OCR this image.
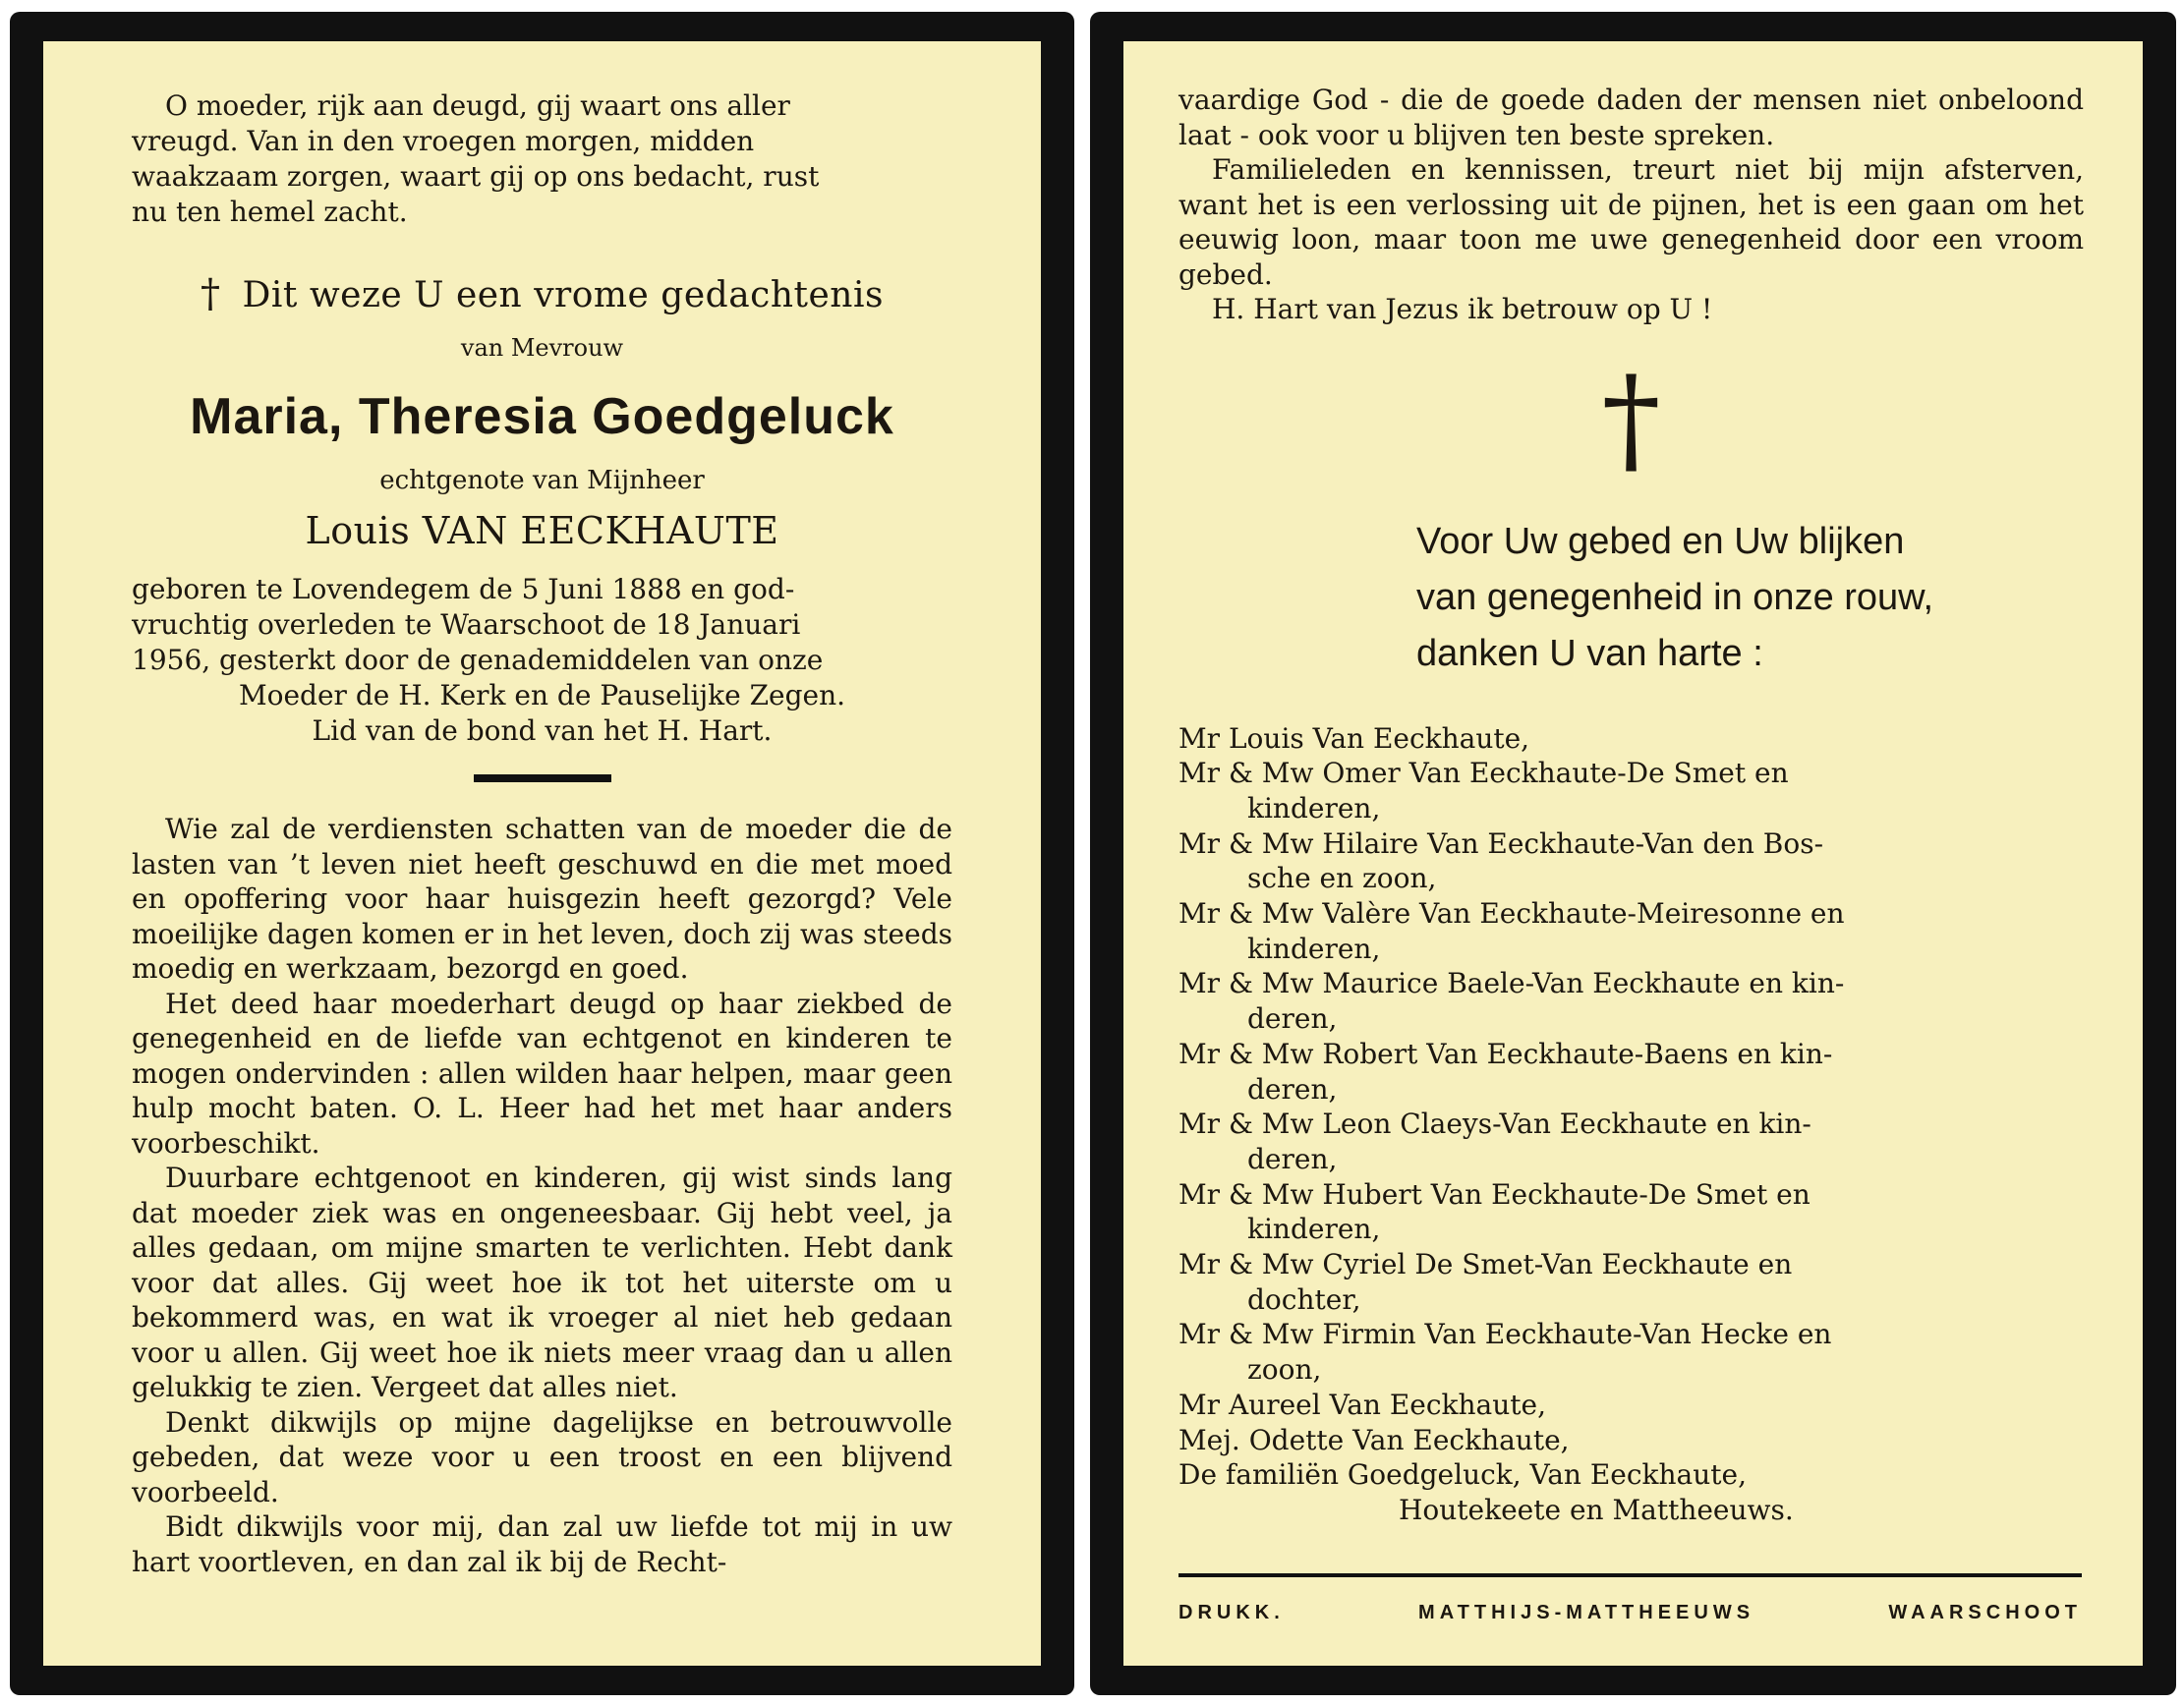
O moeder, rijk aan deugd, gij waart ons aller
vreugd. Van in den vroegen morgen, midden
waakzaam zorgen, waart gij op ons bedacht, rust
nu ten hemel zacht.
† Dit weze U een vrome gedachtenis
van Mevrouw
Maria, Theresia Goedgeluck
echtgenote van Mijnheer
Louis VAN EECKHAUTE
geboren te Lovendegem de 5 Juni 1888 en god-
vruchtig overleden te Waarschoot de 18 Januari
1956, gesterkt door de genademiddelen van onze
Moeder de H. Kerk en de Pauselijke Zegen.
Lid van de bond van het H. Hart.

Wie zal de verdiensten schatten van de moeder die de lasten van ’t leven niet heeft geschuwd en die met moed en opoffering voor haar huisgezin heeft gezorgd? Vele moeilijke dagen komen er in het leven, doch zij was steeds moedig en werkzaam, bezorgd en goed.

Het deed haar moederhart deugd op haar ziekbed de genegenheid en de liefde van echtgenot en kinderen te mogen ondervinden : allen wilden haar helpen, maar geen hulp mocht baten. O. L. Heer had het met haar anders voorbeschikt.

Duurbare echtgenoot en kinderen, gij wist sinds lang dat moeder ziek was en ongeneesbaar. Gij hebt veel, ja alles gedaan, om mijne smarten te verlichten. Hebt dank voor dat alles. Gij weet hoe ik tot het uiterste om u bekommerd was, en wat ik vroeger al niet heb gedaan voor u allen. Gij weet hoe ik niets meer vraag dan u allen gelukkig te zien. Vergeet dat alles niet.

Denkt dikwijls op mijne dagelijkse en betrouwvolle gebeden, dat weze voor u een troost en een blijvend voorbeeld.

Bidt dikwijls voor mij, dan zal uw liefde tot mij in uw hart voortleven, en dan zal ik bij de Recht-

vaardige God - die de goede daden der mensen niet onbeloond laat - ook voor u blijven ten beste spreken.

Familieleden en kennissen, treurt niet bij mijn afsterven, want het is een verlossing uit de pijnen, het is een gaan om het eeuwig loon, maar toon me uwe genegenheid door een vroom gebed.

H. Hart van Jezus ik betrouw op U !

†
Voor Uw gebed en Uw blijken
van genegenheid in onze rouw,
danken U van harte :
Mr Louis Van Eeckhaute,
Mr & Mw Omer Van Eeckhaute-De Smet en
kinderen,
Mr & Mw Hilaire Van Eeckhaute-Van den Bos-
sche en zoon,
Mr & Mw Valère Van Eeckhaute-Meiresonne en
kinderen,
Mr & Mw Maurice Baele-Van Eeckhaute en kin-
deren,
Mr & Mw Robert Van Eeckhaute-Baens en kin-
deren,
Mr & Mw Leon Claeys-Van Eeckhaute en kin-
deren,
Mr & Mw Hubert Van Eeckhaute-De Smet en
kinderen,
Mr & Mw Cyriel De Smet-Van Eeckhaute en
dochter,
Mr & Mw Firmin Van Eeckhaute-Van Hecke en
zoon,
Mr Aureel Van Eeckhaute,
Mej. Odette Van Eeckhaute,
De familiën Goedgeluck, Van Eeckhaute,
Houtekeete en Mattheeuws.
DRUKK.	MATTHIJS-MATTHEEUWS	WAARSCHOOT
